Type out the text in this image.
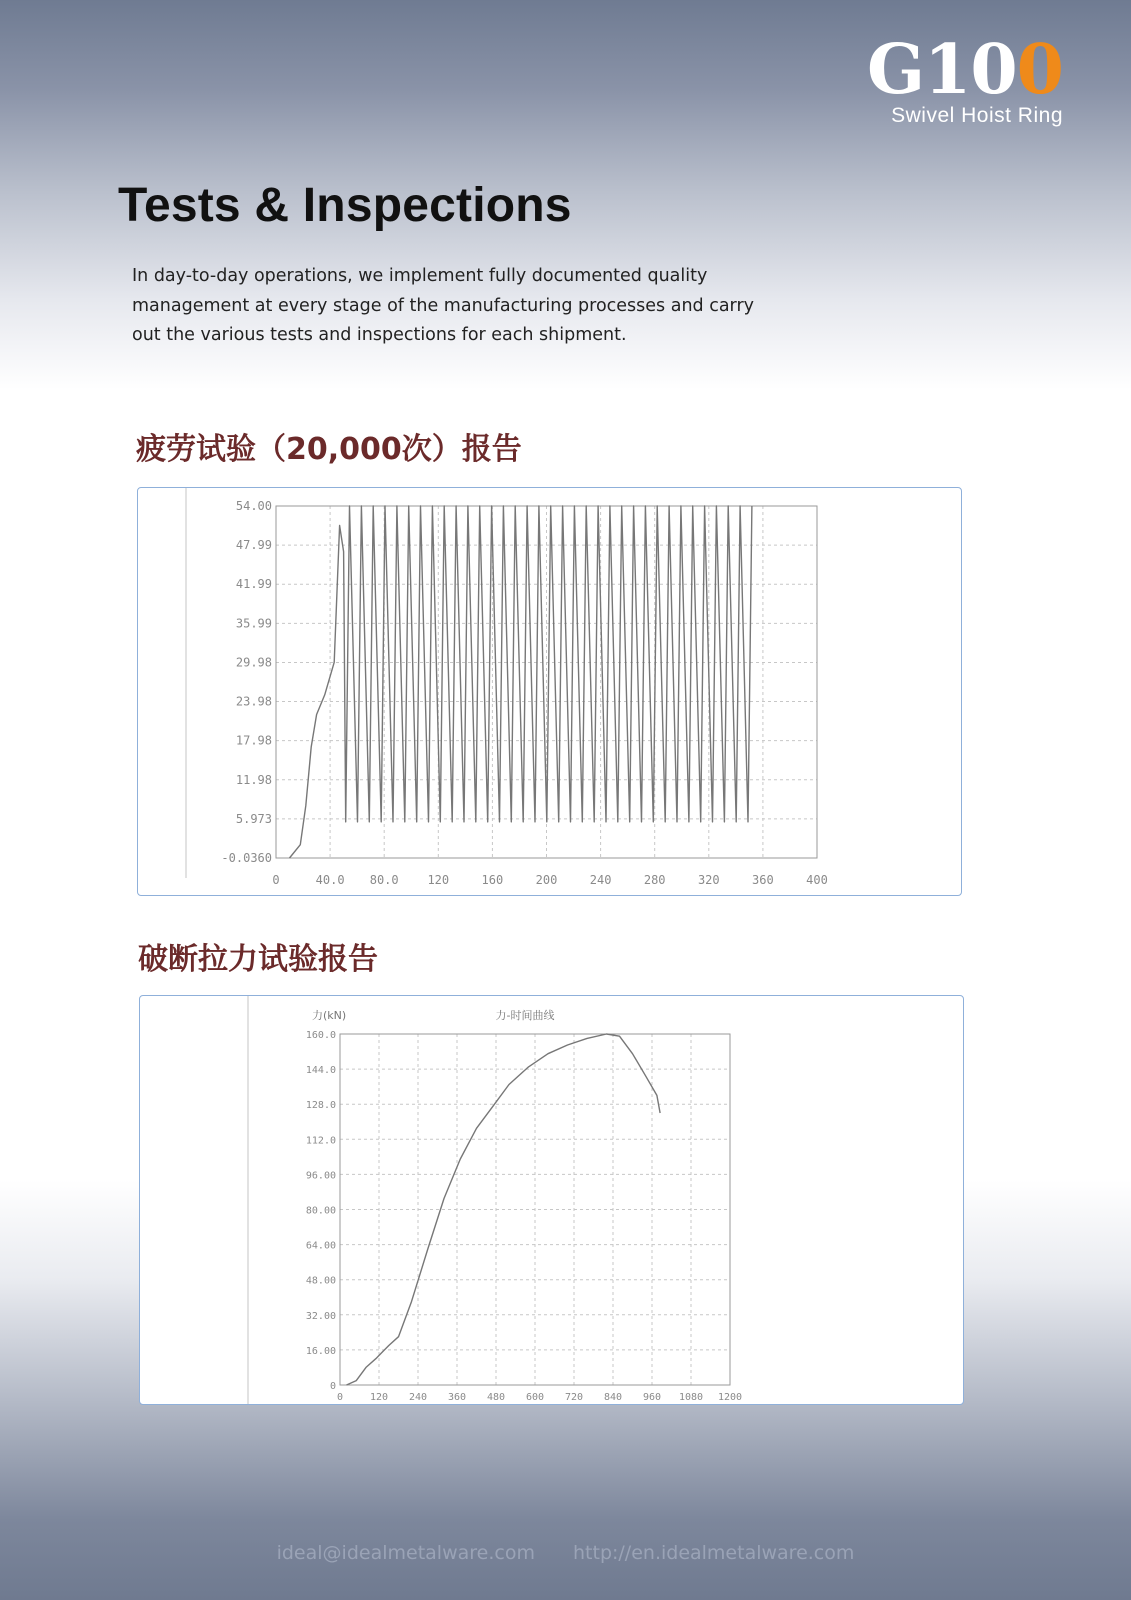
G100
Swivel Hoist Ring
Tests & Inspections

In day-to-day operations, we implement fully documented quality management at every stage of the manufacturing processes and carry out the various tests and inspections for each shipment.

疲劳试验（20,000次）报告
0	40.0 80.0 120	160	200	240	280	320	360	400
-0.0360
5.973
11.98
17.98
23.98
29.98
35.99
41.99
47.99
54.00
破断拉力试验报告
0	120 240 360 480 600 720 840 960 1080 1200
0
16.00
32.00
48.00
64.00
80.00
96.00
112.0
128.0
144.0
160.0
力(kN)	力-时间曲线
ideal@idealmetalware.com http://en.idealmetalware.com
